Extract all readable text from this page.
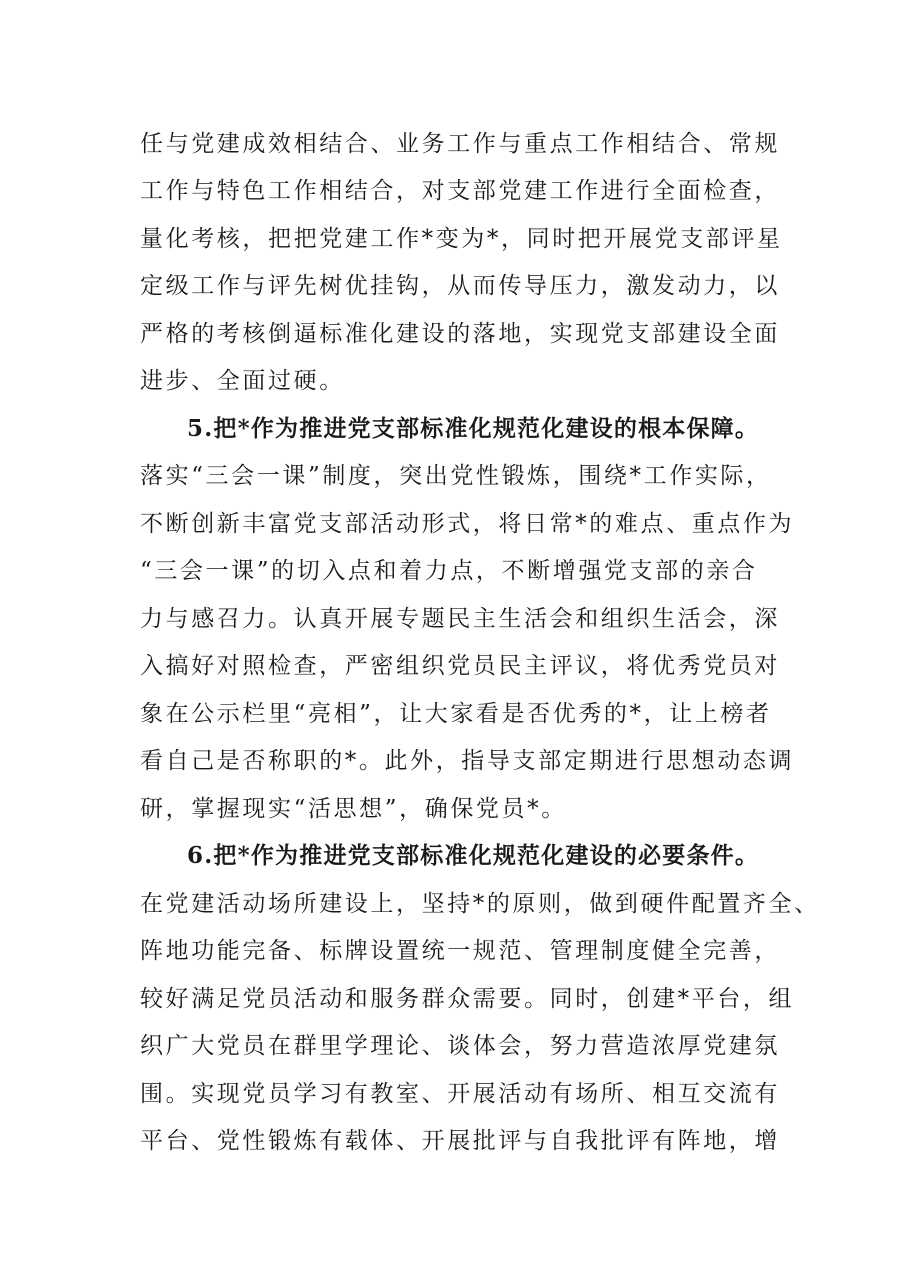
任与党建成效相结合、业务工作与重点工作相结合、常规
工作与特色工作相结合，对支部党建工作进行全面检查，
量化考核，把把党建工作*变为*，同时把开展党支部评星
定级工作与评先树优挂钩，从而传导压力，激发动力，以
严格的考核倒逼标准化建设的落地，实现党支部建设全面
进步、全面过硬。
5.把*作为推进党支部标准化规范化建设的根本保障。
落实“三会一课”制度，突出党性锻炼，围绕*工作实际，
不断创新丰富党支部活动形式，将日常*的难点、重点作为
“三会一课”的切入点和着力点，不断增强党支部的亲合
力与感召力。认真开展专题民主生活会和组织生活会，深
入搞好对照检查，严密组织党员民主评议，将优秀党员对
象在公示栏里“亮相”，让大家看是否优秀的*，让上榜者
看自己是否称职的*。此外，指导支部定期进行思想动态调
研，掌握现实“活思想”，确保党员*。
6.把*作为推进党支部标准化规范化建设的必要条件。
在党建活动场所建设上，坚持*的原则，做到硬件配置齐全、
阵地功能完备、标牌设置统一规范、管理制度健全完善，
较好满足党员活动和服务群众需要。同时，创建*平台，组
织广大党员在群里学理论、谈体会，努力营造浓厚党建氛
围。实现党员学习有教室、开展活动有场所、相互交流有
平台、党性锻炼有载体、开展批评与自我批评有阵地，增
